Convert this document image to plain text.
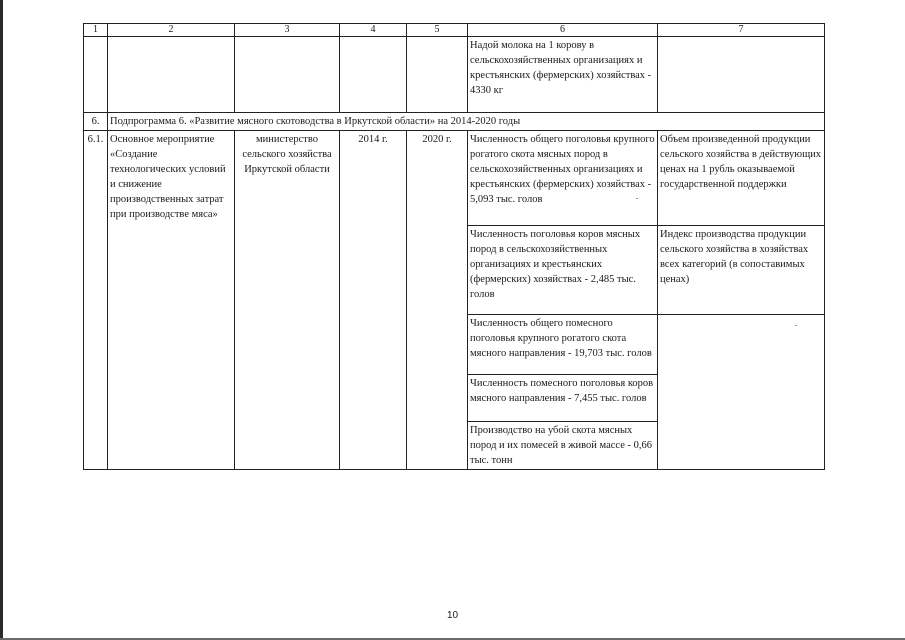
1	2	3	4	5	6	7
					Надой молока на 1 корову в сельскохозяйственных организациях и крестьянских (фермерских) хозяйствах - 4330 кг	
6.	Подпрограмма 6. «Развитие мясного скотоводства в Иркутской области» на 2014-2020 годы					
6.1.	Основное мероприятие «Создание технологических условий и снижение производственных затрат при производстве мяса»	министерство сельского хозяйства Иркутской области	2014 г.	2020 г.	Численность общего поголовья крупного рогатого скота мясных пород в сельскохозяйственных организациях и крестьянских (фермерских) хозяйствах - 5,093 тыс. голов	Объем произведенной продукции сельского хозяйства в действующих ценах на 1 рубль оказываемой государственной поддержки
					Численность поголовья коров мясных пород в сельскохозяйственных организациях и крестьянских (фермерских) хозяйствах - 2,485 тыс. голов	Индекс производства продукции сельского хозяйства в хозяйствах всех категорий (в сопоставимых ценах)
					Численность общего помесного поголовья крупного рогатого скота мясного направления - 19,703 тыс. голов	
					Численность помесного поголовья коров мясного направления - 7,455 тыс. голов	
					Производство на убой скота мясных пород и их помесей в живой массе - 0,66 тыс. тонн	
10
